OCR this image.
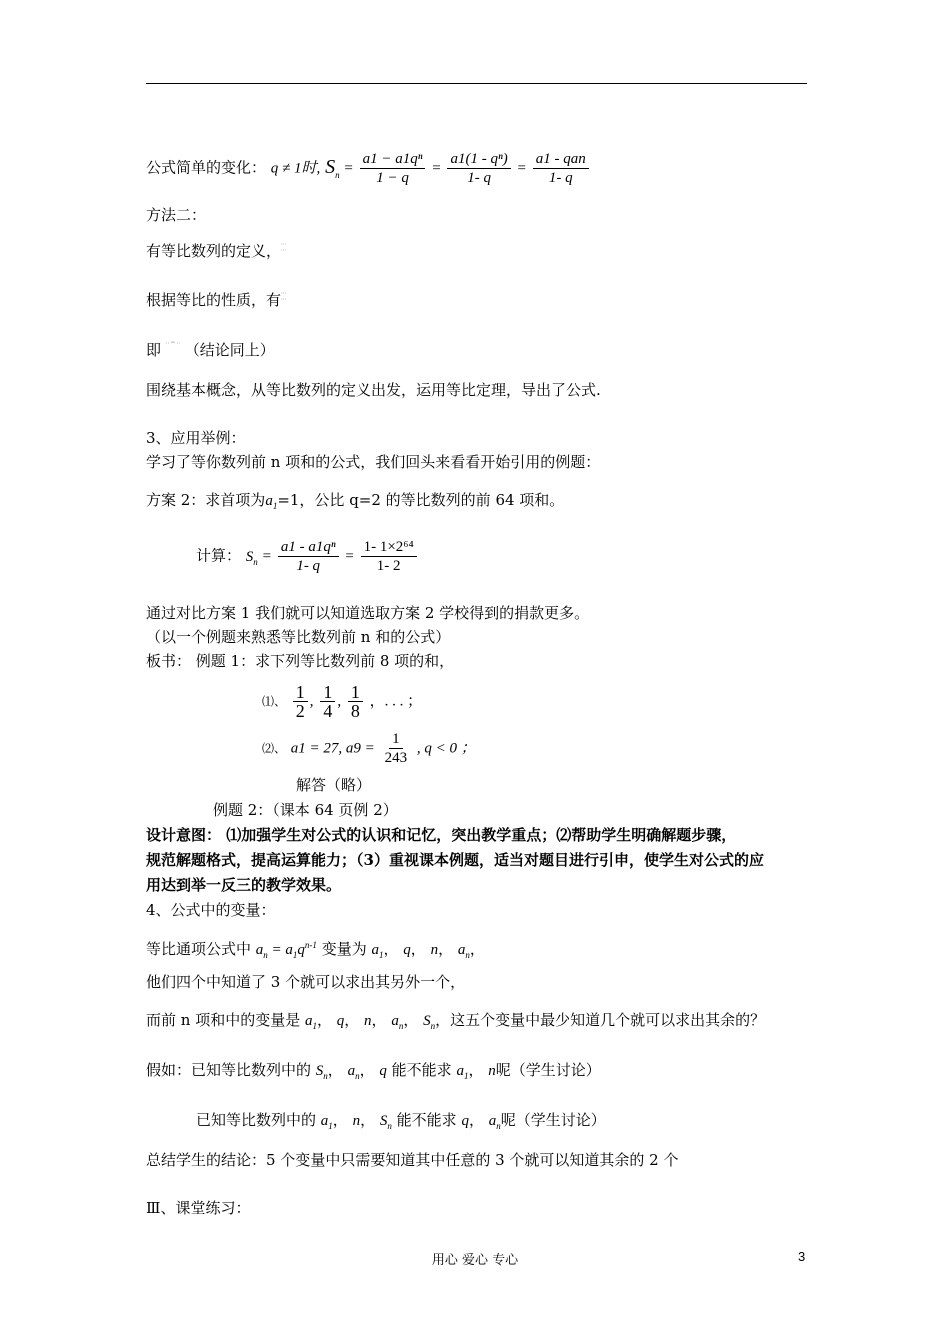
公式简单的变化： q ≠ 1时, $S_n = \frac{\text{a1 − a1qⁿ}}{1 - q} = \frac{\text{a1(1 - qⁿ)}}{1- q} = \frac{\text{a1 - qan}}{1- q}$
方法二：
有等比数列的定义，:::
:::
根据等比的性质，有:::
:::
即 :: ⇒ :: （结论同上）
围绕基本概念，从等比数列的定义出发，运用等比定理，导出了公式.
3、应用举例：
学习了等你数列前 n 项和的公式，我们回头来看看开始引用的例题：
方案 2：求首项为$a_1=1$，公比 q=2 的等比数列的前 64 项和。
计算： $S_n = \frac{\text{a1 - a1qⁿ}}{1- q} = \frac{\text{1- 1×2⁶⁴}}{1- 2}$
通过对比方案 1 我们就可以知道选取方案 2 学校得到的捐款更多。
（以一个例题来熟悉等比数列前 n 和的公式）
板书： 例题 1：求下列等比数列前 8 项的和，
⑴、 $\frac{1}{2}$ , $\frac{1}{4}$ , $\frac{1}{8}$ ，. . . ；
⑵、 a1 = 27, $a9 = \frac{1}{243}$ , q < 0 ；
解答（略）
例题 2：（课本 64 页例 2）
设计意图： ⑴加强学生对公式的认识和记忆，突出教学重点；⑵帮助学生明确解题步骤，
规范解题格式，提高运算能力；（3）重视课本例题，适当对题目进行引申，使学生对公式的应
用达到举一反三的教学效果。
4、公式中的变量：
等比通项公式中 $a_n = a_1q^{n-1}$ 变量为 $a_1$， q， n， $a_n$，
他们四个中知道了 3 个就可以求出其另外一个，
而前 n 项和中的变量是 $a_1$， q， n， $a_n$， $S_n$，这五个变量中最少知道几个就可以求出其余的？
假如：已知等比数列中的 $S_n$， $a_n$， q 能不能求 $a_1$， n呢（学生讨论）
已知等比数列中的 $a_1$， n， $S_n$ 能不能求 q， $a_n$呢（学生讨论）
总结学生的结论：5 个变量中只需要知道其中任意的 3 个就可以知道其余的 2 个
Ⅲ、课堂练习：
用心 爱心 专心	3
